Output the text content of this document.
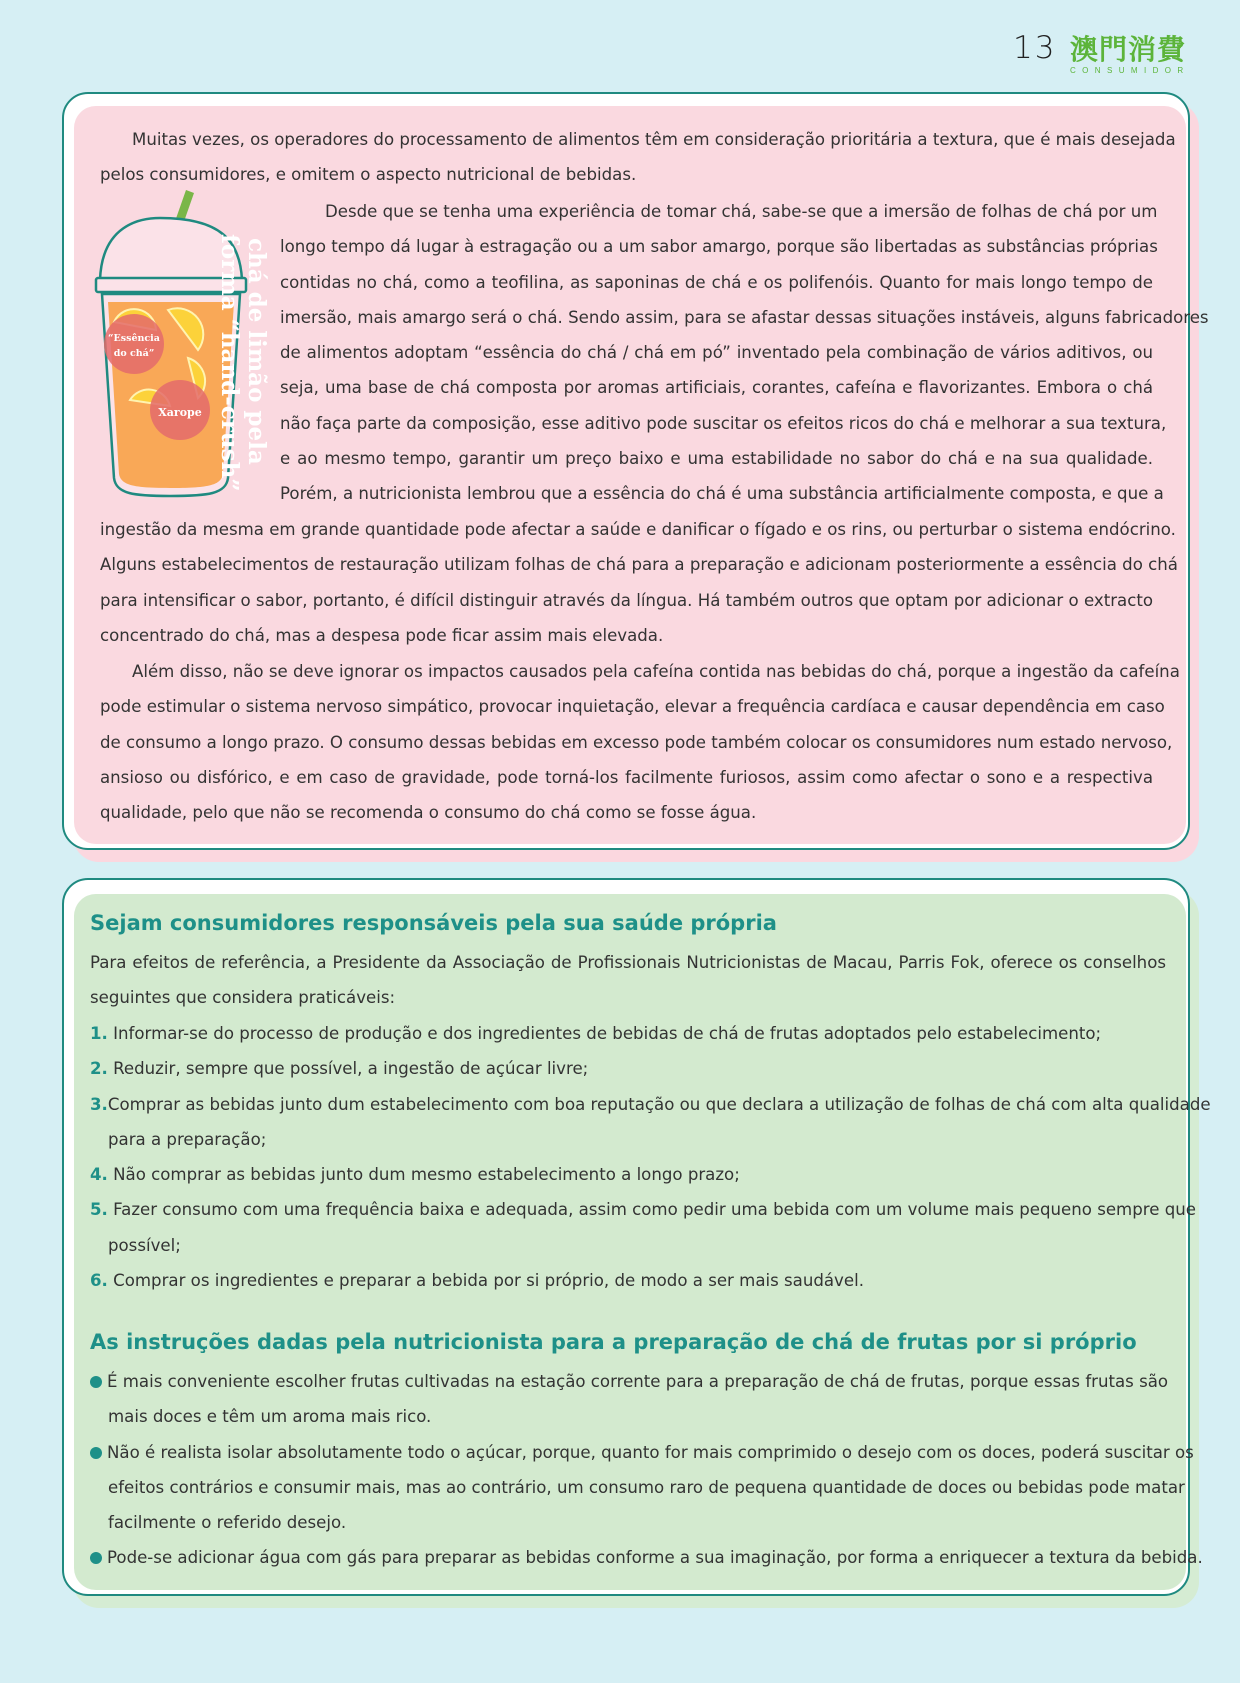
13 澳門消費
CONSUMIDOR
Muitas vezes, os operadores do processamento de alimentos têm em consideração prioritária a textura, que é mais desejada
pelos consumidores, e omitem o aspecto nutricional de bebidas.
“Essência
do chá”
Xarope chá de limão pela
forma “hand-crush”
Desde que se tenha uma experiência de tomar chá, sabe-se que a imersão de folhas de chá por um
longo tempo dá lugar à estragação ou a um sabor amargo, porque são libertadas as substâncias próprias
contidas no chá, como a teofilina, as saponinas de chá e os polifenóis. Quanto for mais longo tempo de
imersão, mais amargo será o chá. Sendo assim, para se afastar dessas situações instáveis, alguns fabricadores
de alimentos adoptam “essência do chá / chá em pó” inventado pela combinação de vários aditivos, ou
seja, uma base de chá composta por aromas artificiais, corantes, cafeína e flavorizantes. Embora o chá
não faça parte da composição, esse aditivo pode suscitar os efeitos ricos do chá e melhorar a sua textura,
e ao mesmo tempo, garantir um preço baixo e uma estabilidade no sabor do chá e na sua qualidade.
Porém, a nutricionista lembrou que a essência do chá é uma substância artificialmente composta, e que a
ingestão da mesma em grande quantidade pode afectar a saúde e danificar o fígado e os rins, ou perturbar o sistema endócrino.
Alguns estabelecimentos de restauração utilizam folhas de chá para a preparação e adicionam posteriormente a essência do chá
para intensificar o sabor, portanto, é difícil distinguir através da língua. Há também outros que optam por adicionar o extracto
concentrado do chá, mas a despesa pode ficar assim mais elevada.
Além disso, não se deve ignorar os impactos causados pela cafeína contida nas bebidas do chá, porque a ingestão da cafeína
pode estimular o sistema nervoso simpático, provocar inquietação, elevar a frequência cardíaca e causar dependência em caso
de consumo a longo prazo. O consumo dessas bebidas em excesso pode também colocar os consumidores num estado nervoso,
ansioso ou disfórico, e em caso de gravidade, pode torná-los facilmente furiosos, assim como afectar o sono e a respectiva
qualidade, pelo que não se recomenda o consumo do chá como se fosse água.
Sejam consumidores responsáveis pela sua saúde própria
Para efeitos de referência, a Presidente da Associação de Profissionais Nutricionistas de Macau, Parris Fok, oferece os conselhos
seguintes que considera praticáveis:
1. Informar-se do processo de produção e dos ingredientes de bebidas de chá de frutas adoptados pelo estabelecimento;
2. Reduzir, sempre que possível, a ingestão de açúcar livre;
3.Comprar as bebidas junto dum estabelecimento com boa reputação ou que declara a utilização de folhas de chá com alta qualidade
para a preparação;
4. Não comprar as bebidas junto dum mesmo estabelecimento a longo prazo;
5. Fazer consumo com uma frequência baixa e adequada, assim como pedir uma bebida com um volume mais pequeno sempre que
possível;
6. Comprar os ingredientes e preparar a bebida por si próprio, de modo a ser mais saudável.
As instruções dadas pela nutricionista para a preparação de chá de frutas por si próprio
É mais conveniente escolher frutas cultivadas na estação corrente para a preparação de chá de frutas, porque essas frutas são
mais doces e têm um aroma mais rico.
Não é realista isolar absolutamente todo o açúcar, porque, quanto for mais comprimido o desejo com os doces, poderá suscitar os
efeitos contrários e consumir mais, mas ao contrário, um consumo raro de pequena quantidade de doces ou bebidas pode matar
facilmente o referido desejo.
Pode-se adicionar água com gás para preparar as bebidas conforme a sua imaginação, por forma a enriquecer a textura da bebida.
